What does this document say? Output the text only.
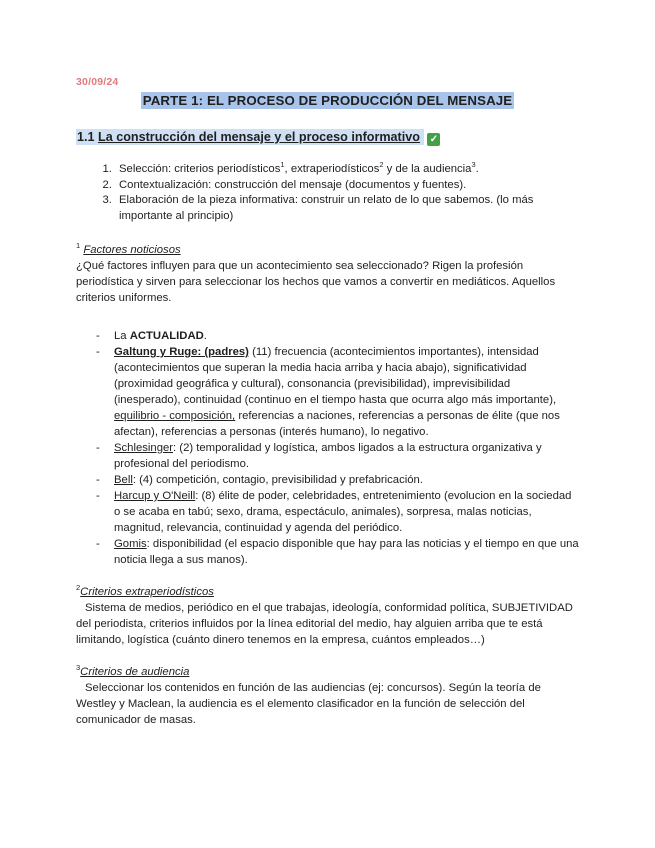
30/09/24
PARTE 1: EL PROCESO DE PRODUCCIÓN DEL MENSAJE
1.1 La construcción del mensaje y el proceso informativo ✓
1. Selección: criterios periodísticos$^1$, extraperiodísticos$^2$ y de la audiencia$^3$.
2. Contextualización: construcción del mensaje (documentos y fuentes).
3. Elaboración de la pieza informativa: construir un relato de lo que sabemos. (lo más importante al principio)
$^1$ Factores noticiosos

¿Qué factores influyen para que un acontecimiento sea seleccionado? Rigen la profesión periodística y sirven para seleccionar los hechos que vamos a convertir en mediáticos. Aquellos criterios uniformes.

- La ACTUALIDAD.
- Galtung y Ruge: (padres) (11) frecuencia (acontecimientos importantes), intensidad (acontecimientos que superan la media hacia arriba y hacia abajo), significatividad (proximidad geográfica y cultural), consonancia (previsibilidad), imprevisibilidad (inesperado), continuidad (continuo en el tiempo hasta que ocurra algo más importante), equilibrio - composición, referencias a naciones, referencias a personas de élite (que nos afectan), referencias a personas (interés humano), lo negativo.
- Schlesinger: (2) temporalidad y logística, ambos ligados a la estructura organizativa y profesional del periodismo.
- Bell: (4) competición, contagio, previsibilidad y prefabricación.
- Harcup y O'Neill: (8) élite de poder, celebridades, entretenimiento (evolucion en la sociedad o se acaba en tabú; sexo, drama, espectáculo, animales), sorpresa, malas noticias, magnitud, relevancia, continuidad y agenda del periódico.
- Gomis: disponibilidad (el espacio disponible que hay para las noticias y el tiempo en que una noticia llega a sus manos).
$^2$Criterios extraperiodísticos

Sistema de medios, periódico en el que trabajas, ideología, conformidad política, SUBJETIVIDAD del periodista, criterios influidos por la línea editorial del medio, hay alguien arriba que te está limitando, logística (cuánto dinero tenemos en la empresa, cuántos empleados…)

$^3$Criterios de audiencia

Seleccionar los contenidos en función de las audiencias (ej: concursos). Según la teoría de Westley y Maclean, la audiencia es el elemento clasificador en la función de selección del comunicador de masas.
